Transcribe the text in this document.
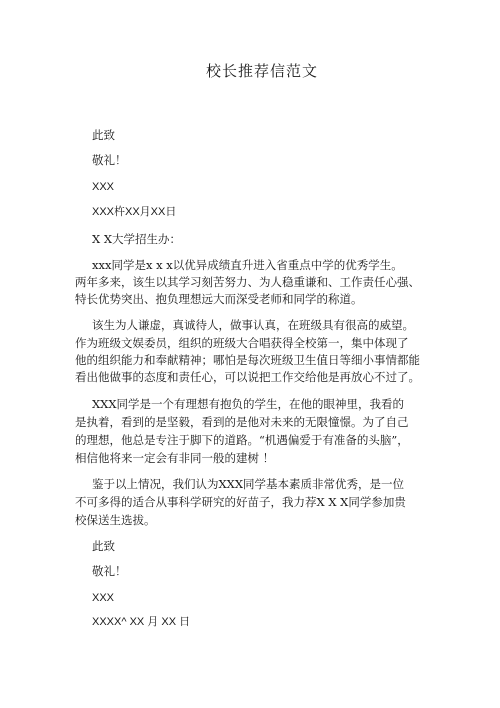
校长推荐信范文
此致
敬礼！
XXX
XXX杵XX月XX日
X X大学招生办：
xxx同学是x x x以优异成绩直升进入省重点中学的优秀学生。
两年多来，该生以其学习刻苦努力、为人稳重谦和、工作责任心强、
特长优势突出、抱负理想远大而深受老师和同学的称道。
该生为人谦虚，真诚待人，做事认真，在班级具有很高的威望。
作为班级文娱委员，组织的班级大合唱获得全校第一，集中体现了
他的组织能力和奉献精神；哪怕是每次班级卫生值日等细小事情都能
看出他做事的态度和责任心，可以说把工作交给他是再放心不过了。
XXX同学是一个有理想有抱负的学生，在他的眼神里，我看的
是执着，看到的是坚毅，看到的是他对未来的无限憧憬。为了自己
的理想，他总是专注于脚下的道路。“机遇偏爱于有准备的头脑”，
相信他将来一定会有非同一般的建树 ！
鉴于以上情况，我们认为XXX同学基本素质非常优秀，是一位
不可多得的适合从事科学研究的好苗子，我力荐X X X同学参加贵
校保送生选拔。
此致
敬礼！
XXX
XXXX^ XX 月 XX 日
